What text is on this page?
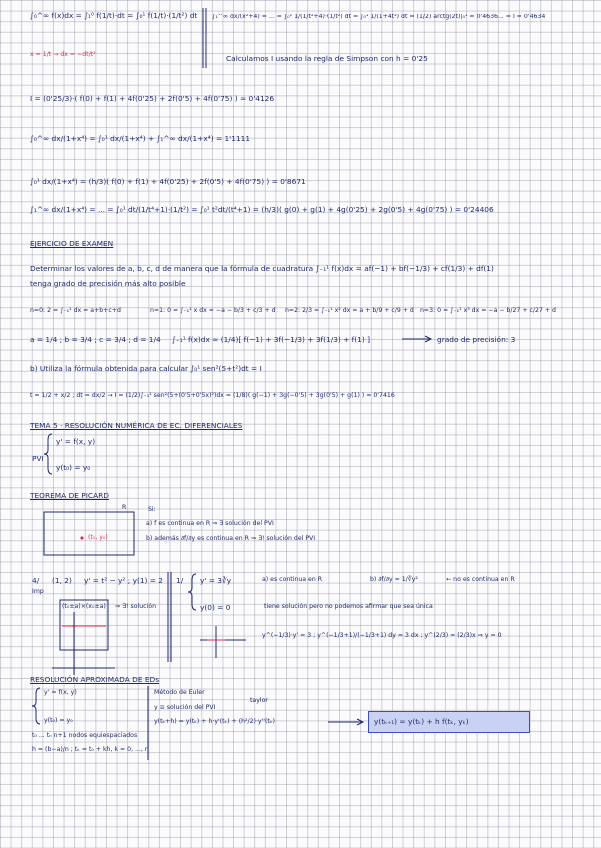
∫₀^∞ f(x)dx = ∫₁⁰ f(1/t)·dt = ∫₀¹ f(1/t)·(1/t²) dt
x = 1/t → dx = −dt/t²
∫₁^∞ dx/(x²+4) = ... = ∫₀¹ 1/(1/t²+4)·(1/t²) dt = ∫₀¹ 1/(1+4t²) dt = (1/2) arctg(2t)|₀¹ ≈ 0'4636... = I ≈ 0'4634
Calculamos I usando la regla de Simpson con h = 0'25
I = (0'25/3)·( f(0) + f(1) + 4f(0'25) + 2f(0'5) + 4f(0'75) ) ≈ 0'4126
∫₀^∞ dx/(1+x⁴) = ∫₀¹ dx/(1+x⁴) + ∫₁^∞ dx/(1+x⁴) = 1'1111
∫₀¹ dx/(1+x⁴) = (h/3)( f(0) + f(1) + 4f(0'25) + 2f(0'5) + 4f(0'75) ) = 0'8671
∫₁^∞ dx/(1+x⁴) = ... = ∫₀¹ dt/(1/t⁴+1)·(1/t²) = ∫₀¹ t²dt/(t⁴+1) = (h/3)( g(0) + g(1) + 4g(0'25) + 2g(0'5) + 4g(0'75) ) = 0'24406
EJERCICIO DE EXAMEN
Determinar los valores de a, b, c, d de manera que la fórmula de cuadratura ∫₋₁¹ f(x)dx = af(−1) + bf(−1/3) + cf(1/3) + df(1)
tenga grado de precisión más alto posible
n=0: 2 = ∫₋₁¹ dx = a+b+c+d	n=1: 0 = ∫₋₁¹ x dx = −a − b/3 + c/3 + d n=2: 2/3 = ∫₋₁¹ x² dx = a + b/9 + c/9 + d n=3: 0 = ∫₋₁¹ x³ dx = −a − b/27 + c/27 + d
a = 1/4 ; b = 3/4 ; c = 3/4 ; d = 1/4 ∫₋₁¹ f(x)dx ≈ (1/4)[ f(−1) + 3f(−1/3) + 3f(1/3) + f(1) ]	grado de precisión: 3
b) Utiliza la fórmula obtenida para calcular ∫₀¹ sen²(5+t²)dt = I
t = 1/2 + x/2 ; dt = dx/2 → I = (1/2)∫₋₁¹ sen²(5+(0'5+0'5x)²)dx = (1/8)( g(−1) + 3g(−0'5) + 3g(0'5) + g(1) ) ≈ 0'7416
TEMA 5 · RESOLUCIÓN NUMÉRICA DE EC. DIFERENCIALES
PVI
y' = f(x, y)
y(t₀) = y₀
TEOREMA DE PICARD
R
(t₀, y₀)
Si:
a) f es continua en R ⇒ ∃ solución del PVI
b) además ∂f/∂y es continua en R ⇒ ∃! solución del PVI
4/
Imp
(1, 2) y' = t² − y² ; y(1) = 2
(t₀±a)×(x₀±a) ⇒ ∃! solución
1/ y' = 3∛y
y(0) = 0
a) es continua en R	b) ∂f/∂y = 1/∛y²	← no es continua en R
tiene solución pero no podemos afirmar que sea única
y^(−1/3)·y' = 3 ; y^(−1/3+1)/(−1/3+1) dy = 3 dx ; y^(2/3) = (2/3)x ⇒ y = 0
RESOLUCIÓN APROXIMADA DE EDs
y' = f(x, y)
y(t₀) = y₀
t₀ ... tₙ n+1 nodos equiespaciados
h = (b−a)/n ; tₖ = t₀ + kh, k = 0, ..., n
Método de Euler
y ≡ solución del PVI
taylor
y(tₖ+h) = y(tₖ) + h·y'(tₖ) + (h²/2)·y''(tₖ)	y(tₖ₊₁) ≈ y(tₖ) + h f(tₖ, yₖ)
